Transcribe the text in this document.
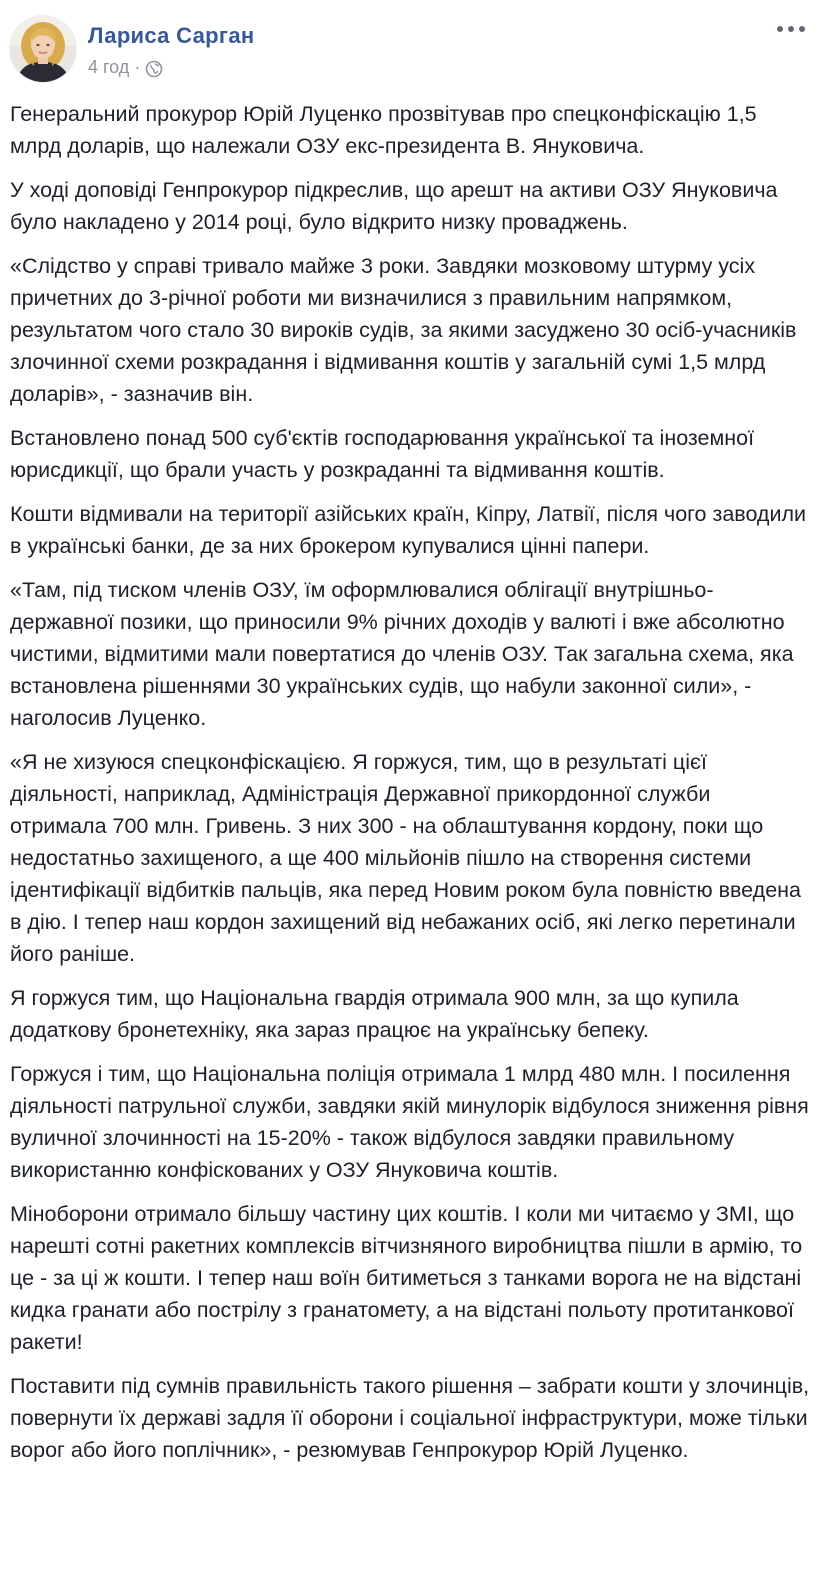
Лариса Сарган
4 год ·

Генеральний прокурор Юрій Луценко прозвітував про спецконфіскацію 1,5 млрд доларів, що належали ОЗУ екс-президента В. Януковича.

У ході доповіді Генпрокурор підкреслив, що арешт на активи ОЗУ Януковича було накладено у 2014 році, було відкрито низку проваджень.

«Слідство у справі тривало майже 3 роки. Завдяки мозковому штурму усіх причетних до 3-річної роботи ми визначилися з правильним напрямком, результатом чого стало 30 вироків судів, за якими засуджено 30 осіб-учасників злочинної схеми розкрадання і відмивання коштів у загальній сумі 1,5 млрд доларів», - зазначив він.

Встановлено понад 500 суб'єктів господарювання української та іноземної юрисдикції, що брали участь у розкраданні та відмивання коштів.

Кошти відмивали на території азійських країн, Кіпру, Латвії, після чого заводили в українські банки, де за них брокером купувалися цінні папери.

«Там, під тиском членів ОЗУ, їм оформлювалися облігації внутрішньо-державної позики, що приносили 9% річних доходів у валюті і вже абсолютно чистими, відмитими мали повертатися до членів ОЗУ. Так загальна схема, яка встановлена рішеннями 30 українських судів, що набули законної сили», - наголосив Луценко.

«Я не хизуюся спецконфіскацією. Я горжуся, тим, що в результаті цієї діяльності, наприклад, Адміністрація Державної прикордонної служби отримала 700 млн. Гривень. З них 300 - на облаштування кордону, поки що недостатньо захищеного, а ще 400 мільйонів пішло на створення системи ідентифікації відбитків пальців, яка перед Новим роком була повністю введена в дію. І тепер наш кордон захищений від небажаних осіб, які легко перетинали його раніше.

Я горжуся тим, що Національна гвардія отримала 900 млн, за що купила додаткову бронетехніку, яка зараз працює на українську бепеку.

Горжуся і тим, що Національна поліція отримала 1 млрд 480 млн. І посилення діяльності патрульної служби, завдяки якій минулорік відбулося зниження рівня вуличної злочинності на 15-20% - також відбулося завдяки правильному використанню конфіскованих у ОЗУ Януковича коштів.

Міноборони отримало більшу частину цих коштів. І коли ми читаємо у ЗМІ, що нарешті сотні ракетних комплексів вітчизняного виробництва пішли в армію, то це - за ці ж кошти. І тепер наш воїн битиметься з танками ворога не на відстані кидка гранати або пострілу з гранатомету, а на відстані польоту протитанкової ракети!

Поставити під сумнів правильність такого рішення – забрати кошти у злочинців, повернути їх державі задля її оборони і соціальної інфраструктури, може тільки ворог або його поплічник», - резюмував Генпрокурор Юрій Луценко.
